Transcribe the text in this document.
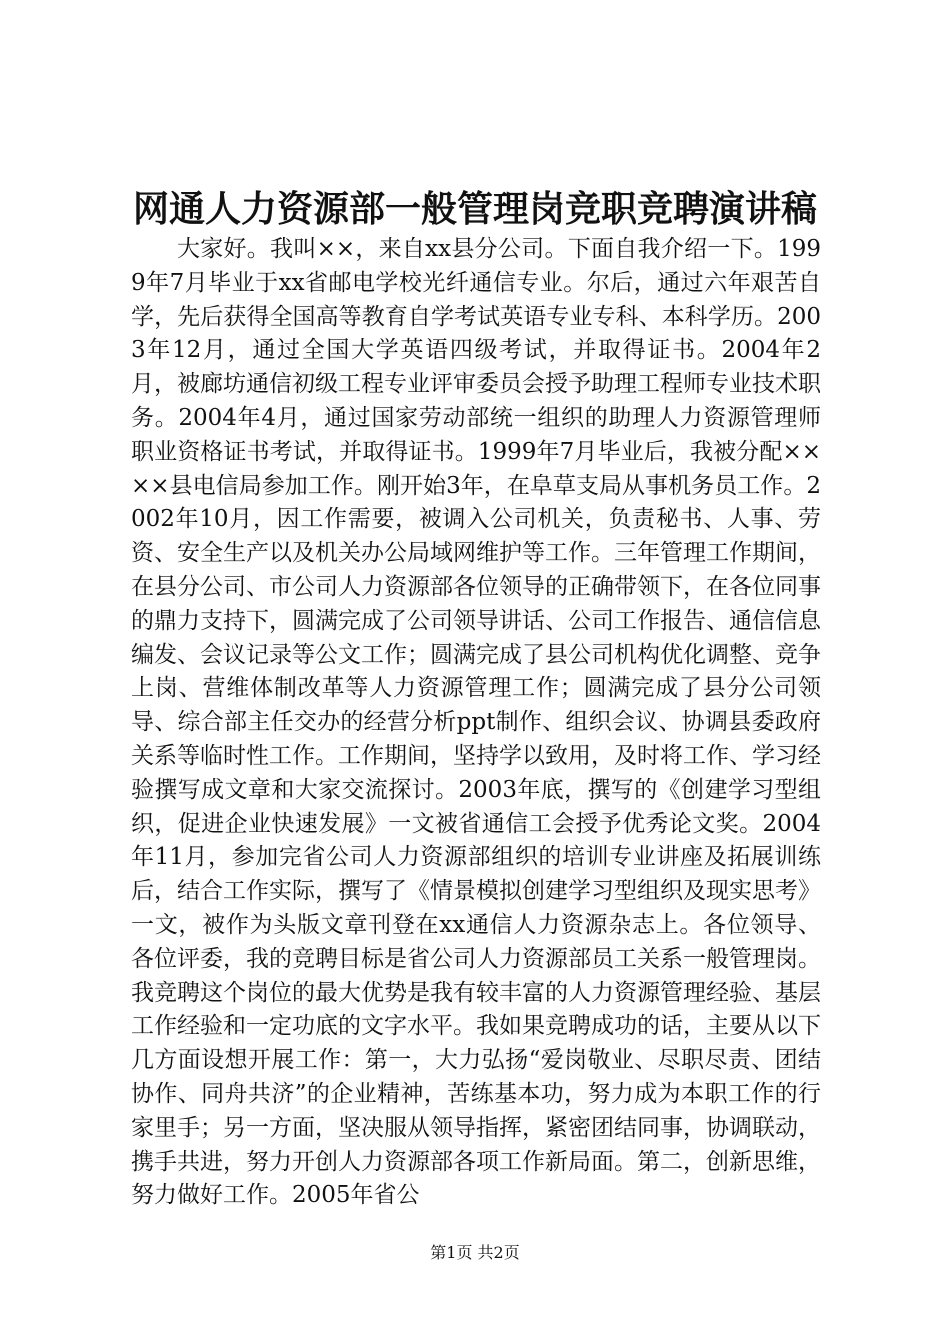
网通人力资源部一般管理岗竞职竞聘演讲稿

大家好。我叫××，来自xx县分公司。下面自我介绍一下。1999年7月毕业于xx省邮电学校光纤通信专业。尔后，通过六年艰苦自学，先后获得全国高等教育自学考试英语专业专科、本科学历。2003年12月，通过全国大学英语四级考试，并取得证书。2004年2月，被廊坊通信初级工程专业评审委员会授予助理工程师专业技术职务。2004年4月，通过国家劳动部统一组织的助理人力资源管理师职业资格证书考试，并取得证书。1999年7月毕业后，我被分配××××县电信局参加工作。刚开始3年，在阜草支局从事机务员工作。2002年10月，因工作需要，被调入公司机关，负责秘书、人事、劳资、安全生产以及机关办公局域网维护等工作。三年管理工作期间，在县分公司、市公司人力资源部各位领导的正确带领下，在各位同事的鼎力支持下，圆满完成了公司领导讲话、公司工作报告、通信信息编发、会议记录等公文工作；圆满完成了县公司机构优化调整、竞争上岗、营维体制改革等人力资源管理工作；圆满完成了县分公司领导、综合部主任交办的经营分析ppt制作、组织会议、协调县委政府关系等临时性工作。工作期间，坚持学以致用，及时将工作、学习经验撰写成文章和大家交流探讨。2003年底，撰写的《创建学习型组织，促进企业快速发展》一文被省通信工会授予优秀论文奖。2004年11月，参加完省公司人力资源部组织的培训专业讲座及拓展训练后，结合工作实际，撰写了《情景模拟创建学习型组织及现实思考》一文，被作为头版文章刊登在xx通信人力资源杂志上。各位领导、各位评委，我的竞聘目标是省公司人力资源部员工关系一般管理岗。我竞聘这个岗位的最大优势是我有较丰富的人力资源管理经验、基层工作经验和一定功底的文字水平。我如果竞聘成功的话，主要从以下几方面设想开展工作：第一，大力弘扬“爱岗敬业、尽职尽责、团结协作、同舟共济”的企业精神，苦练基本功，努力成为本职工作的行家里手；另一方面，坚决服从领导指挥，紧密团结同事，协调联动，携手共进，努力开创人力资源部各项工作新局面。第二，创新思维，努力做好工作。2005年省公

第1页 共2页
